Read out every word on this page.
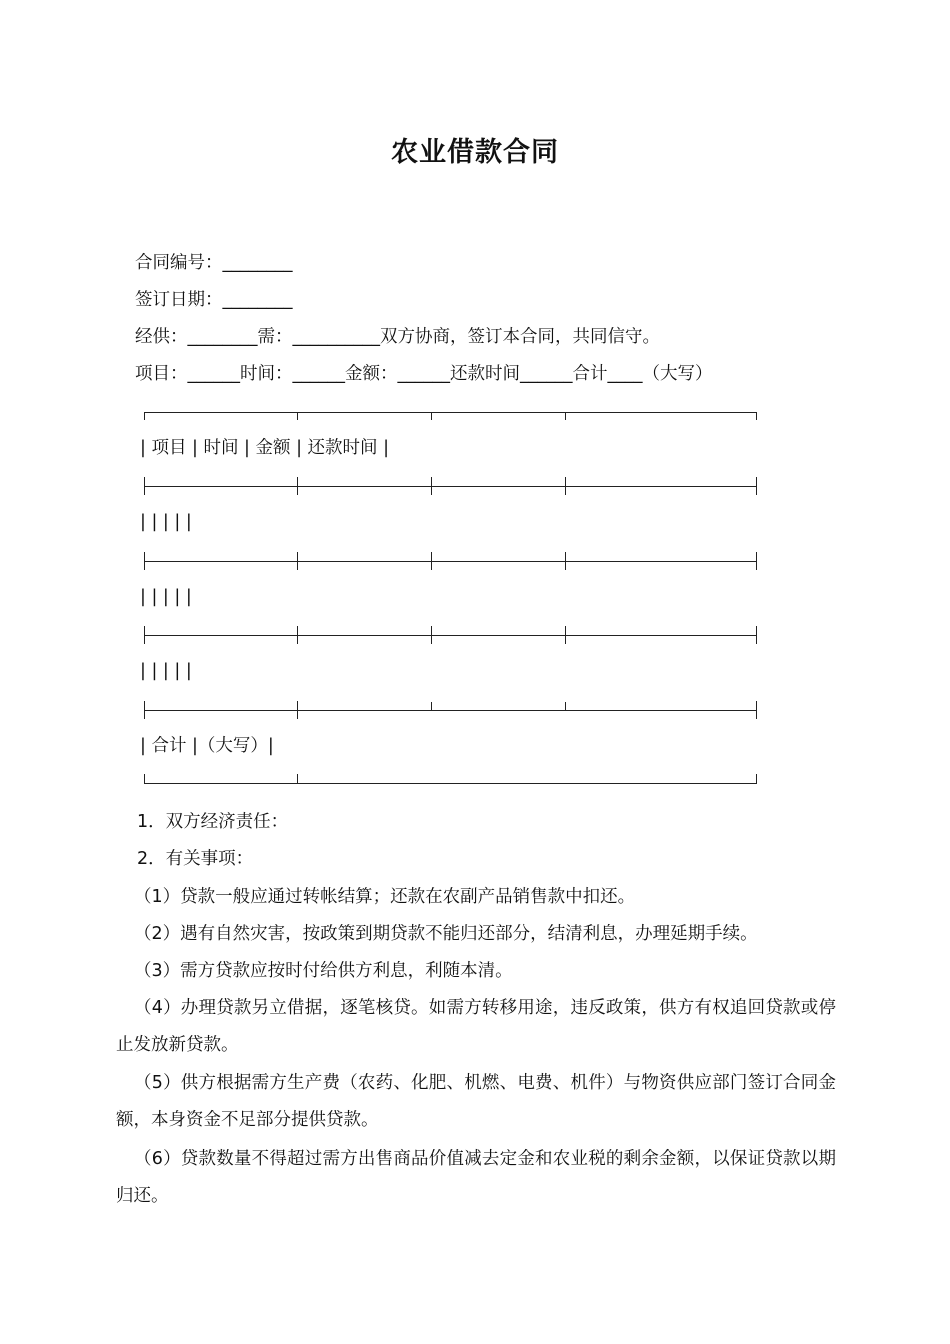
农业借款合同
合同编号：________
签订日期：________
经供：________需：__________双方协商，签订本合同，共同信守。
项目：______时间：______金额：______还款时间______合计____（大写）
| 项目 | 时间 | 金额 | 还款时间 |
| | | | |
| | | | |
| | | | |
| 合计 |（大写）|
1．双方经济责任：
2．有关事项：
（1）贷款一般应通过转帐结算；还款在农副产品销售款中扣还。
（2）遇有自然灾害，按政策到期贷款不能归还部分，结清利息，办理延期手续。
（3）需方贷款应按时付给供方利息，利随本清。
（4）办理贷款另立借据，逐笔核贷。如需方转移用途，违反政策，供方有权追回贷款或停止发放新贷款。
（5）供方根据需方生产费（农药、化肥、机燃、电费、机件）与物资供应部门签订合同金额，本身资金不足部分提供贷款。
（6）贷款数量不得超过需方出售商品价值减去定金和农业税的剩余金额，以保证贷款以期归还。
